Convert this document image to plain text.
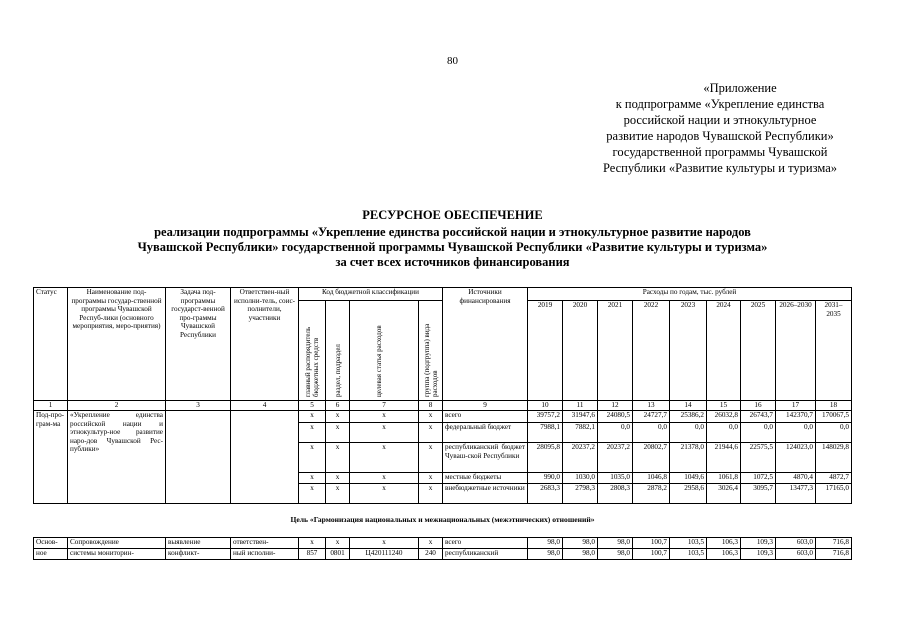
80
«Приложение
к подпрограмме «Укрепление единства
российской нации и этнокультурное
развитие народов Чувашской Республики»
государственной программы Чувашской
Республики «Развитие культуры и туризма»
РЕСУРСНОЕ ОБЕСПЕЧЕНИЕ
реализации подпрограммы «Укрепление единства российской нации и этнокультурное развитие народов
Чувашской Республики» государственной программы Чувашской Республики «Развитие культуры и туризма»
за счет всех источников финансирования
Статус	Наименование под-программы государ-ственной программы Чувашской Респуб-лики (основного мероприятия, меро-приятия)	Задача под-программы государст-венной про-граммы Чувашской Республики	Ответствен-ный исполни-тель, соис-полнители, участники	Код бюджетной классификации				Источники финансирования	Расходы по годам, тыс. рублей								

				главный распорядитель бюджетных средств	раздел, подраздел	целевая статья расходов	группа (подгруппа) вида расходов		2019	2020	2021	2022	2023	2024	2025	2026–2030	2031–2035
1	2	3	4	5	6	7	8	9	10	11	12	13	14	15	16	17	18
Под-про-грам-ма	«Укрепление единства российской нации и этнокультур-ное развитие наро-дов Чувашской Рес-публики»			x	x	x	x	всего	39757,2	31947,6	24080,5	24727,7	25386,2	26032,8	26743,7	142370,7	170067,5
				x	x	x	x	федеральный бюджет	7988,1	7882,1	0,0	0,0	0,0	0,0	0,0	0,0	0,0
				x	x	x	x	республиканский бюджет Чуваш-ской Республики	28095,8	20237,2	20237,2	20802,7	21378,0	21944,6	22575,5	124023,0	148029,8
				x	x	x	x	местные бюджеты	990,0	1030,0	1035,0	1046,8	1049,6	1061,8	1072,5	4870,4	4872,7
				x	x	x	x	внебюджетные источники	2683,3	2798,3	2808,3	2878,2	2958,6	3026,4	3095,7	13477,3	17165,0
Цель «Гармонизация национальных и межнациональных (межэтнических) отношений»																	
Основ-	Сопровождение	выявление	ответствен-	x	x	x	x	всего	98,0	98,0	98,0	100,7	103,5	106,3	109,3	603,0	716,8
ное	системы мониторин-	конфликт-	ный исполни-	857	0801	Ц420111240	240	республиканский	98,0	98,0	98,0	100,7	103,5	106,3	109,3	603,0	716,8
